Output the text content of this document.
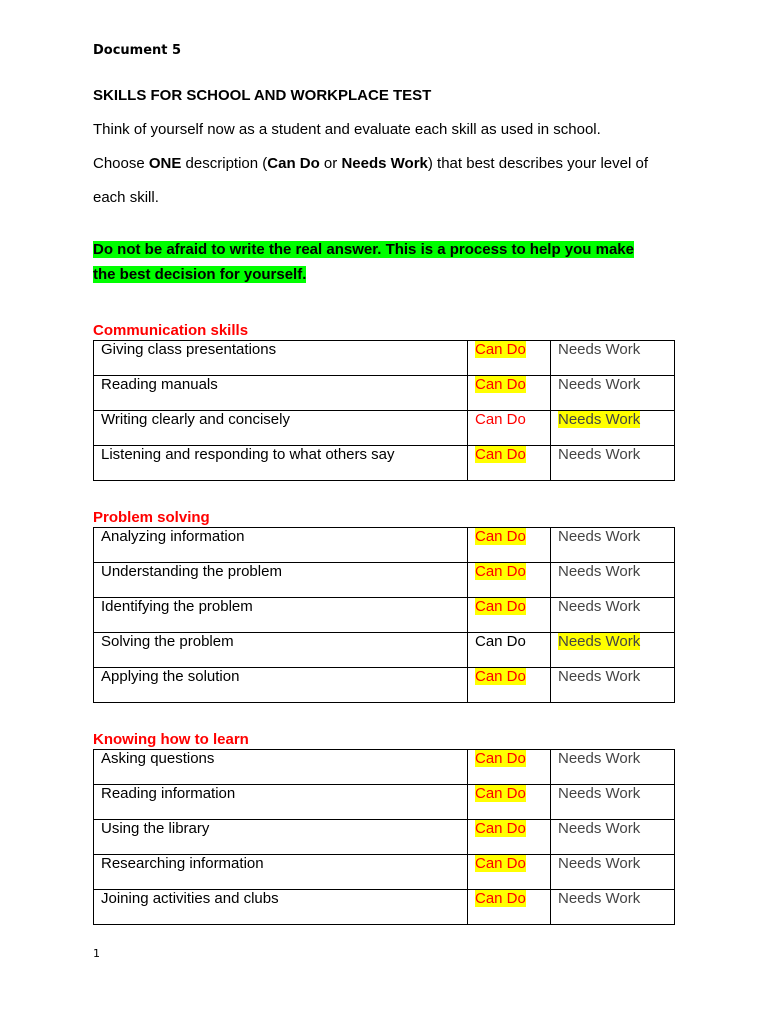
Document 5
SKILLS FOR SCHOOL AND WORKPLACE TEST
Think of yourself now as a student and evaluate each skill as used in school.
Choose ONE description (Can Do or Needs Work) that best describes your level of
each skill.
Do not be afraid to write the real answer. This is a process to help you make
the best decision for yourself.
Communication skills
Giving class presentations	Can Do	Needs Work
Reading manuals	Can Do	Needs Work
Writing clearly and concisely	Can Do	Needs Work
Listening and responding to what others say	Can Do	Needs Work
Problem solving
Analyzing information	Can Do	Needs Work
Understanding the problem	Can Do	Needs Work
Identifying the problem	Can Do	Needs Work
Solving the problem	Can Do	Needs Work
Applying the solution	Can Do	Needs Work
Knowing how to learn
Asking questions	Can Do	Needs Work
Reading information	Can Do	Needs Work
Using the library	Can Do	Needs Work
Researching information	Can Do	Needs Work
Joining activities and clubs	Can Do	Needs Work
1
